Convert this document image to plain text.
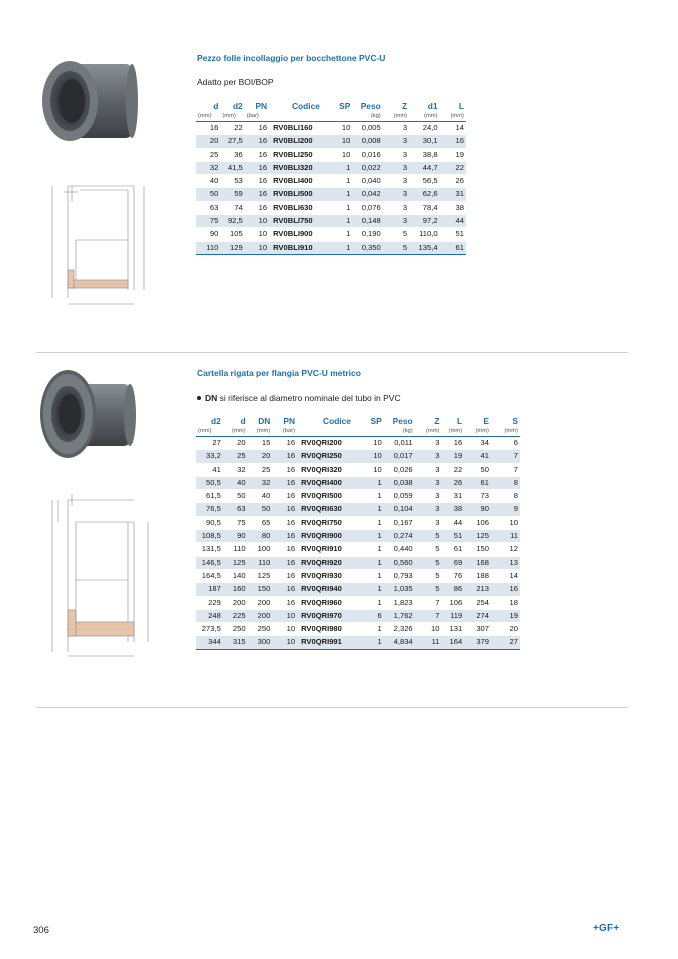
Pezzo folle incollaggio per bocchettone PVC-U
Adatto per BOI/BOP
d	d2	PN	Codice	SP	Peso	Z	d1	L
(mm)	(mm)	(bar)			(kg)	(mm)	(mm)	(mm)
16	22	16	RV0BLI160	10	0,005	3	24,0	14
20	27,5	16	RV0BLI200	10	0,008	3	30,1	16
25	36	16	RV0BLI250	10	0,016	3	38,8	19
32	41,5	16	RV0BLI320	1	0,022	3	44,7	22
40	53	16	RV0BLI400	1	0,040	3	56,5	26
50	59	16	RV0BLI500	1	0,042	3	62,6	31
63	74	16	RV0BLI630	1	0,076	3	78,4	38
75	92,5	10	RV0BLI750	1	0,148	3	97,2	44
90	105	10	RV0BLI900	1	0,190	5	110,0	51
110	129	10	RV0BLI910	1	0,350	5	135,4	61
Cartella rigata per flangia PVC-U metrico
DN si riferisce al diametro nominale del tubo in PVC
d2	d	DN	PN	Codice	SP	Peso	Z	L	E	S
(mm)	(mm)	(mm)	(bar)			(kg)	(mm)	(mm)	(mm)	(mm)
27	20	15	16	RV0QRI200	10	0,011	3	16	34	6
33,2	25	20	16	RV0QRI250	10	0,017	3	19	41	7
41	32	25	16	RV0QRI320	10	0,026	3	22	50	7
50,5	40	32	16	RV0QRI400	1	0,038	3	26	61	8
61,5	50	40	16	RV0QRI500	1	0,059	3	31	73	8
76,5	63	50	16	RV0QRI630	1	0,104	3	38	90	9
90,5	75	65	16	RV0QRI750	1	0,167	3	44	106	10
108,5	90	80	16	RV0QRI900	1	0,274	5	51	125	11
131,5	110	100	16	RV0QRI910	1	0,440	5	61	150	12
146,5	125	110	16	RV0QRI920	1	0,560	5	69	168	13
164,5	140	125	16	RV0QRI930	1	0,793	5	76	188	14
187	160	150	16	RV0QRI940	1	1,035	5	86	213	16
229	200	200	16	RV0QRI960	1	1,823	7	106	254	18
248	225	200	10	RV0QRI970	6	1,762	7	119	274	19
273,5	250	250	10	RV0QRI980	1	2,326	10	131	307	20
344	315	300	10	RV0QRI991	1	4,834	11	164	379	27
306	+GF+
